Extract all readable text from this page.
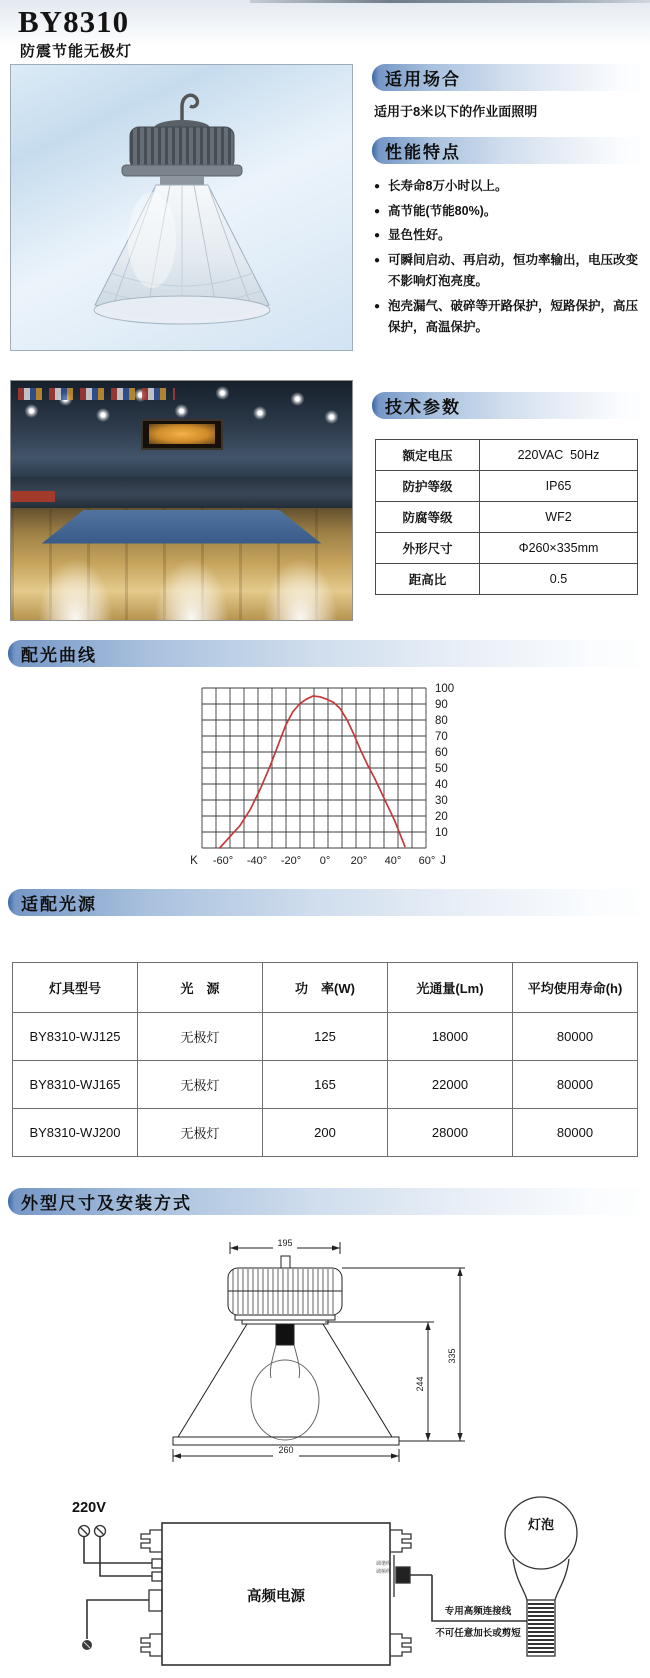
BY8310
防震节能无极灯
适用场合
适用于8米以下的作业面照明
性能特点
● 长寿命8万小时以上。
● 高节能(节能80%)。
● 显色性好。
● 可瞬间启动、再启动，恒功率输出，电压改变不影响灯泡亮度。
● 泡壳漏气、破碎等开路保护，短路保护，高压保护，高温保护。
技术参数
额定电压	220VAC  50Hz
防护等级	IP65
防腐等级	WF2
外形尺寸	Φ260×335mm
距高比	0.5
配光曲线
10
20
30
40
50
60
70
80
90
100
-60° -40° -20° 0° 20° 40° 60°
K	J
适配光源
灯具型号	光　源	功　率(W)	光通量(Lm)	平均使用寿命(h)
BY8310-WJ125	无极灯	125	18000	80000
BY8310-WJ165	无极灯	165	22000	80000
BY8310-WJ200	无极灯	200	28000	80000
外型尺寸及安装方式
195
260
244
335
220V
高频电源
调谐线
调频线
专用高频连接线
不可任意加长或剪短
灯泡
